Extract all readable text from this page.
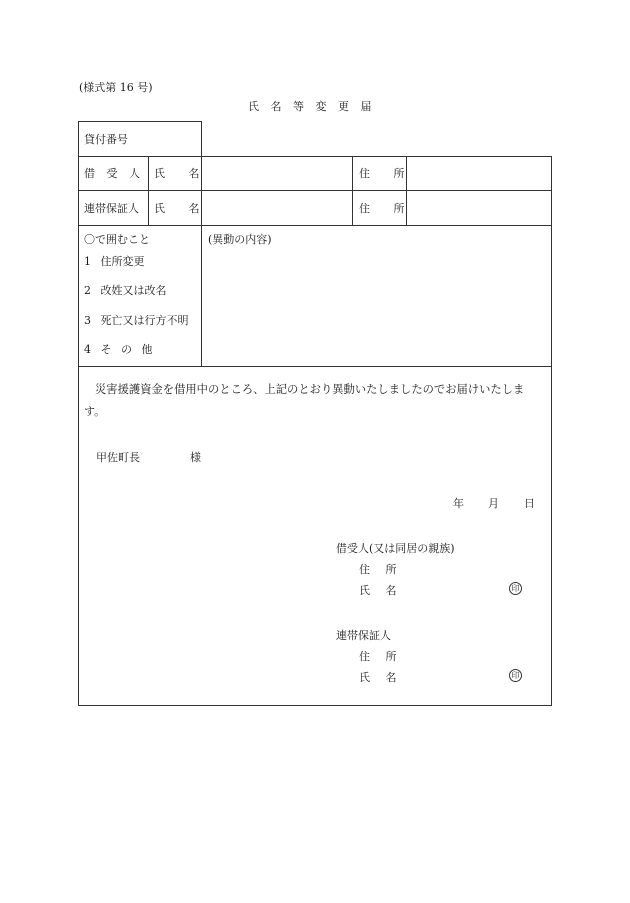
(様式第 16 号)
氏 名 等 変 更 届
貸付番号
借 受 人 氏 名	住 所
連帯保証人 氏 名	住 所
〇で囲むこと
1 住所変更
2 改姓又は改名
3 死亡又は行方不明
4 そ の 他
(異動の内容)
災害援護資金を借用中のところ、上記のとおり異動いたしましたのでお届けいたしま
す。
甲佐町長	様
年 月 日
借受人(又は同居の親族)
住 所
氏 名	印
連帯保証人
住 所
氏 名	印
